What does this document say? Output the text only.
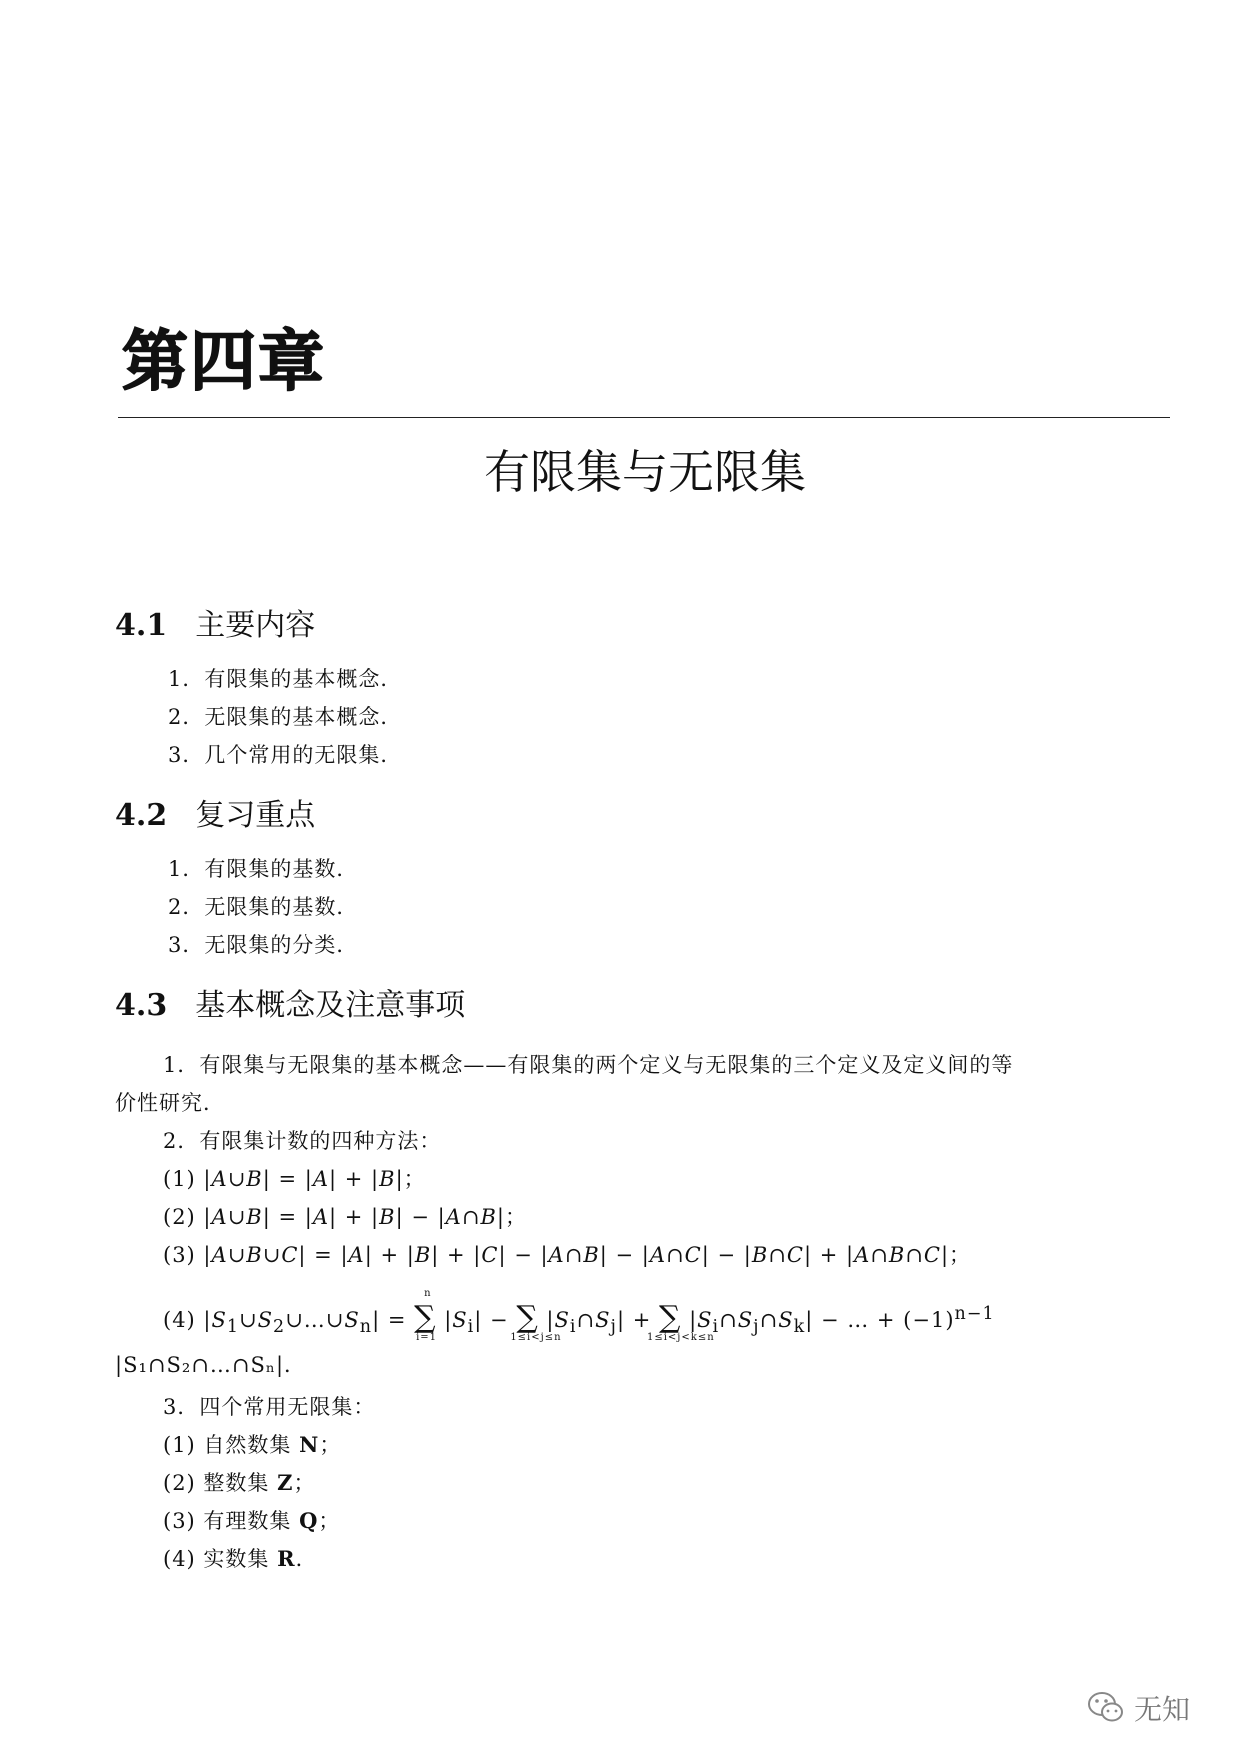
第四章
有限集与无限集
4.1 主要内容
1．有限集的基本概念．
2．无限集的基本概念．
3．几个常用的无限集．
4.2 复习重点
1．有限集的基数．
2．无限集的基数．
3．无限集的分类．
4.3 基本概念及注意事项
1．有限集与无限集的基本概念——有限集的两个定义与无限集的三个定义及定义间的等
价性研究．
2．有限集计数的四种方法：
(1) |A∪B| = |A| + |B|；
(2) |A∪B| = |A| + |B| − |A∩B|；
(3) |A∪B∪C| = |A| + |B| + |C| − |A∩B| − |A∩C| − |B∩C| + |A∩B∩C|；
(4) $|S_1\cup S_2\cup\dots\cup S_n|$ = ∑
n
i=1
$|S_i|$ − ∑
1≤i<j≤n
$|S_i\cap S_j|$ + ∑
1≤i<j<k≤n
$|S_i\cap S_j\cap S_k|$ − … + $(-1)^{n-1}$
|S₁∩S₂∩…∩Sₙ|．
3．四个常用无限集：
(1) 自然数集 N；
(2) 整数集 Z；
(3) 有理数集 Q；
(4) 实数集 R．
无知
